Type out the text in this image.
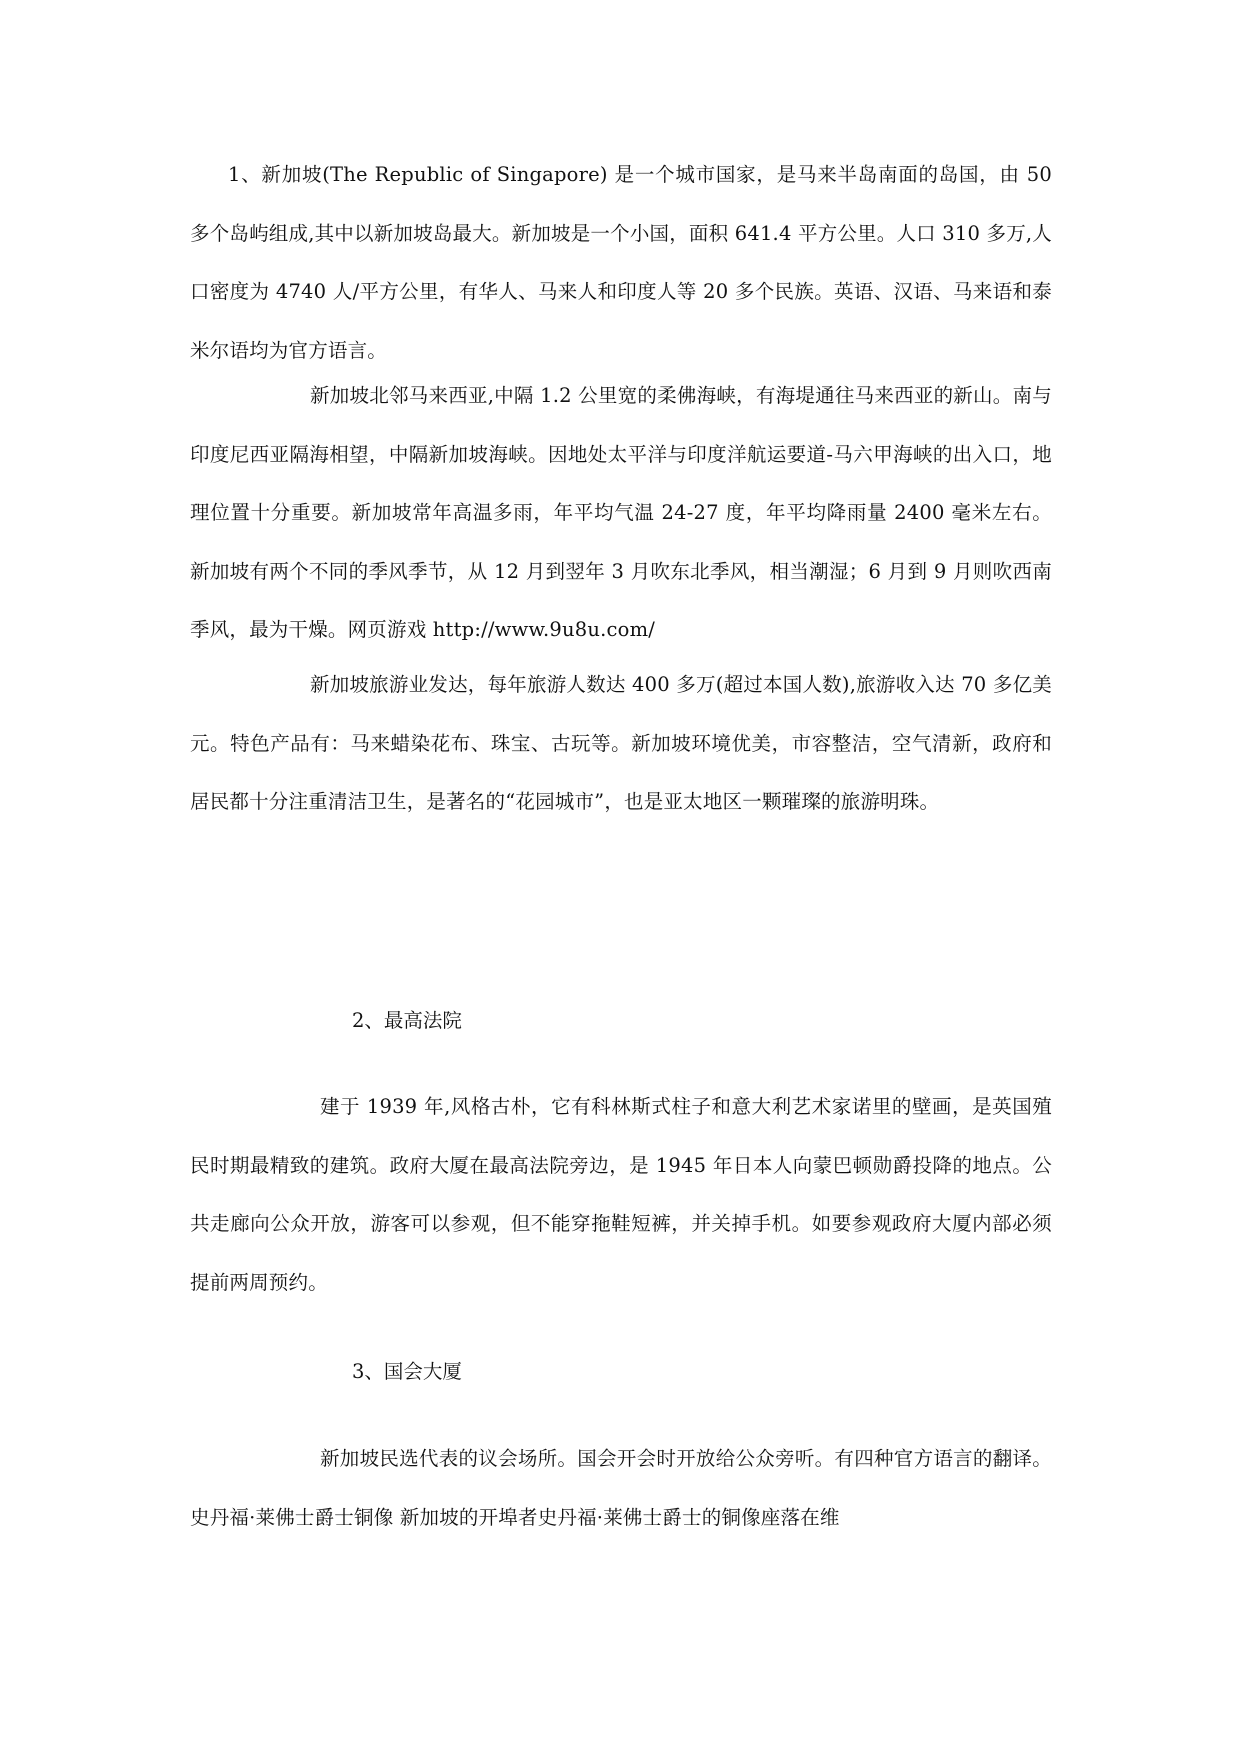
1、新加坡(The Republic of Singapore) 是一个城市国家，是马来半岛南面的岛国，由 50 多个岛屿组成,其中以新加坡岛最大。新加坡是一个小国，面积 641.4 平方公里。人口 310 多万,人口密度为 4740 人/平方公里，有华人、马来人和印度人等 20 多个民族。英语、汉语、马来语和泰米尔语均为官方语言。

新加坡北邻马来西亚,中隔 1.2 公里宽的柔佛海峡，有海堤通往马来西亚的新山。南与印度尼西亚隔海相望，中隔新加坡海峡。因地处太平洋与印度洋航运要道-马六甲海峡的出入口，地理位置十分重要。新加坡常年高温多雨，年平均气温 24-27 度，年平均降雨量 2400 毫米左右。新加坡有两个不同的季风季节，从 12 月到翌年 3 月吹东北季风，相当潮湿；6 月到 9 月则吹西南季风，最为干燥。网页游戏 http://www.9u8u.com/

新加坡旅游业发达，每年旅游人数达 400 多万(超过本国人数),旅游收入达 70 多亿美元。特色产品有：马来蜡染花布、珠宝、古玩等。新加坡环境优美，市容整洁，空气清新，政府和居民都十分注重清洁卫生，是著名的“花园城市”，也是亚太地区一颗璀璨的旅游明珠。

2、最高法院

建于 1939 年,风格古朴，它有科林斯式柱子和意大利艺术家诺里的壁画，是英国殖民时期最精致的建筑。政府大厦在最高法院旁边，是 1945 年日本人向蒙巴顿勋爵投降的地点。公共走廊向公众开放，游客可以参观，但不能穿拖鞋短裤，并关掉手机。如要参观政府大厦内部必须提前两周预约。

3、国会大厦

新加坡民选代表的议会场所。国会开会时开放给公众旁听。有四种官方语言的翻译。 史丹福·莱佛士爵士铜像 新加坡的开埠者史丹福·莱佛士爵士的铜像座落在维
